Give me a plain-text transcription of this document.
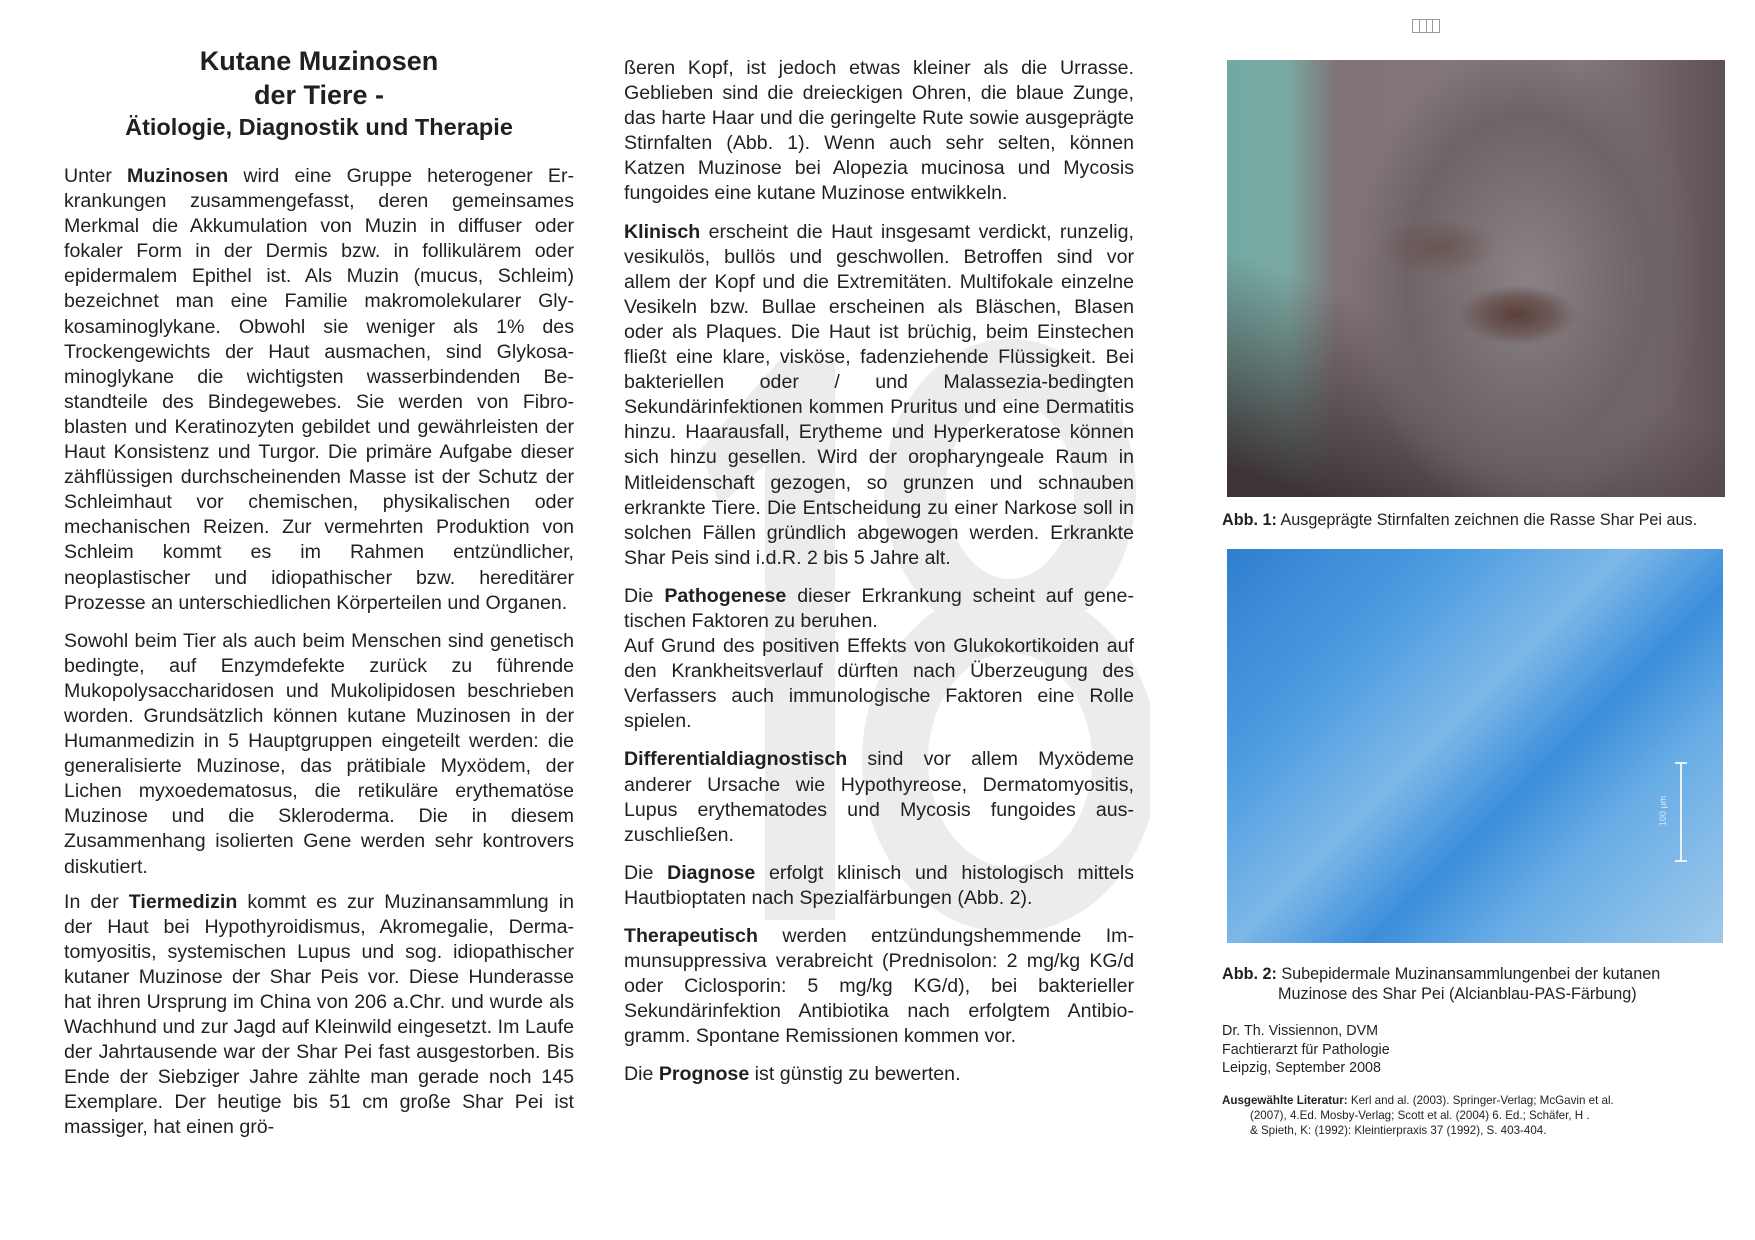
Kutane Muzinosen
der Tiere -
Ätiologie, Diagnostik und Therapie

Unter Muzinosen wird eine Gruppe heterogener Erkrankungen zusammengefasst, deren gemeinsames Merkmal die Akkumulation von Muzin in diffuser oder fokaler Form in der Dermis bzw. in follikulärem oder epidermalem Epithel ist. Als Muzin (mucus, Schleim) bezeichnet man eine Familie makromolekularer Glykosaminoglykane. Obwohl sie weniger als 1% des Trockengewichts der Haut ausmachen, sind Glykosaminoglykane die wichtigsten wasserbindenden Bestandteile des Bindegewebes. Sie werden von Fibroblasten und Keratinozyten gebildet und gewährleisten der Haut Konsistenz und Turgor. Die primäre Aufgabe dieser zähflüssigen durchscheinenden Masse ist der Schutz der Schleimhaut vor chemischen, physikalischen oder mechanischen Reizen. Zur vermehrten Produktion von Schleim kommt es im Rahmen entzündlicher, neoplastischer und idiopathischer bzw. hereditärer Prozesse an unterschiedlichen Körperteilen und Organen.

Sowohl beim Tier als auch beim Menschen sind genetisch bedingte, auf Enzymdefekte zurück zu führende Mukopolysaccharidosen und Mukolipidosen beschrieben worden. Grundsätzlich können kutane Muzinosen in der Humanmedizin in 5 Hauptgruppen eingeteilt werden: die generalisierte Muzinose, das prätibiale Myxödem, der Lichen myxoedematosus, die retikuläre erythematöse Muzinose und die Skleroderma. Die in diesem Zusammenhang isolierten Gene werden sehr kontrovers diskutiert.

In der Tiermedizin kommt es zur Muzinansammlung in der Haut bei Hypothyroidismus, Akromegalie, Dermatomyositis, systemischen Lupus und sog. idiopathischer kutaner Muzinose der Shar Peis vor. Diese Hunderasse hat ihren Ursprung im China von 206 a.Chr. und wurde als Wachhund und zur Jagd auf Kleinwild eingesetzt. Im Laufe der Jahrtausende war der Shar Pei fast ausgestorben. Bis Ende der Siebziger Jahre zählte man gerade noch 145 Exemplare. Der heutige bis 51 cm große Shar Pei ist massiger, hat einen grö-

ßeren Kopf, ist jedoch etwas kleiner als die Urrasse. Geblieben sind die dreieckigen Ohren, die blaue Zunge, das harte Haar und die geringelte Rute sowie ausgeprägte Stirnfalten (Abb. 1). Wenn auch sehr selten, können Katzen Muzinose bei Alopezia mucinosa und Mycosis fungoides eine kutane Muzinose entwikkeln.

Klinisch erscheint die Haut insgesamt verdickt, runzelig, vesikulös, bullös und geschwollen. Betroffen sind vor allem der Kopf und die Extremitäten. Multifokale einzelne Vesikeln bzw. Bullae erscheinen als Bläschen, Blasen oder als Plaques. Die Haut ist brüchig, beim Einstechen fließt eine klare, visköse, fadenziehende Flüssigkeit. Bei bakteriellen oder / und Malassezia-bedingten Sekundärinfektionen kommen Pruritus und eine Dermatitis hinzu. Haarausfall, Erytheme und Hyperkeratose können sich hinzu gesellen. Wird der oropharyngeale Raum in Mitleidenschaft gezogen, so grunzen und schnauben erkrankte Tiere. Die Entscheidung zu einer Narkose soll in solchen Fällen gründlich abgewogen werden. Erkrankte Shar Peis sind i.d.R. 2 bis 5 Jahre alt.

Die Pathogenese dieser Erkrankung scheint auf genetischen Faktoren zu beruhen.
Auf Grund des positiven Effekts von Glukokortikoiden auf den Krankheitsverlauf dürften nach Überzeugung des Verfassers auch immunologische Faktoren eine Rolle spielen.

Differentialdiagnostisch sind vor allem Myxödeme anderer Ursache wie Hypothyreose, Dermatomyositis, Lupus erythematodes und Mycosis fungoides auszuschließen.

Die Diagnose erfolgt klinisch und histologisch mittels Hautbioptaten nach Spezialfärbungen (Abb. 2).

Therapeutisch werden entzündungshemmende Immunsuppressiva verabreicht (Prednisolon: 2 mg/kg KG/d oder Ciclosporin: 5 mg/kg KG/d), bei bakterieller Sekundärinfektion Antibiotika nach erfolgtem Antibiogramm. Spontane Remissionen kommen vor.

Die Prognose ist günstig zu bewerten.

Abb. 1: Ausgeprägte Stirnfalten zeichnen die Rasse Shar Pei aus.
100 µm
Abb. 2: Subepidermale Muzinansammlungenbei der kutanen
Muzinose des Shar Pei (Alcianblau-PAS-Färbung)
Dr. Th. Vissiennon, DVM
Fachtierarzt für Pathologie
Leipzig, September 2008
Ausgewählte Literatur: Kerl and al. (2003). Springer-Verlag; McGavin et al.
(2007), 4.Ed. Mosby-Verlag; Scott et al. (2004) 6. Ed.; Schäfer, H .
& Spieth, K: (1992): Kleintierpraxis 37 (1992), S. 403-404.
